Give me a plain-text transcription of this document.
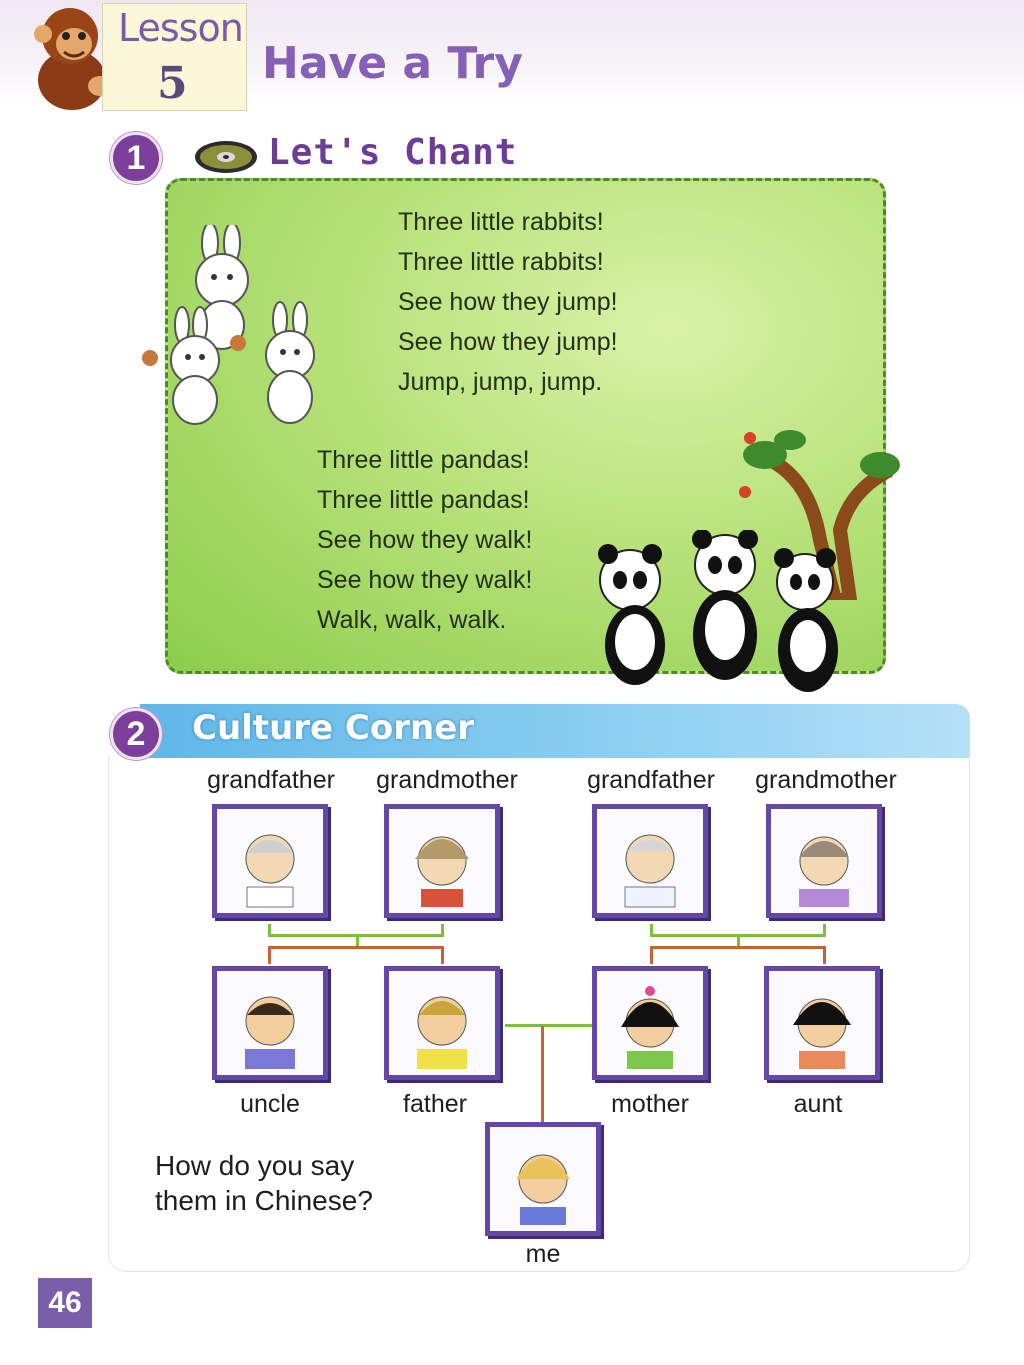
Lesson
5 Have a Try
1	Let's Chant
Three little rabbits!
Three little rabbits!
See how they jump!
See how they jump!
Jump, jump, jump.
Three little pandas!
Three little pandas!
See how they walk!
See how they walk!
Walk, walk, walk.
2	Culture Corner
grandfather	grandmother	grandfather	grandmother
uncle	father	mother	aunt
me
How do you say
them in Chinese?
46
